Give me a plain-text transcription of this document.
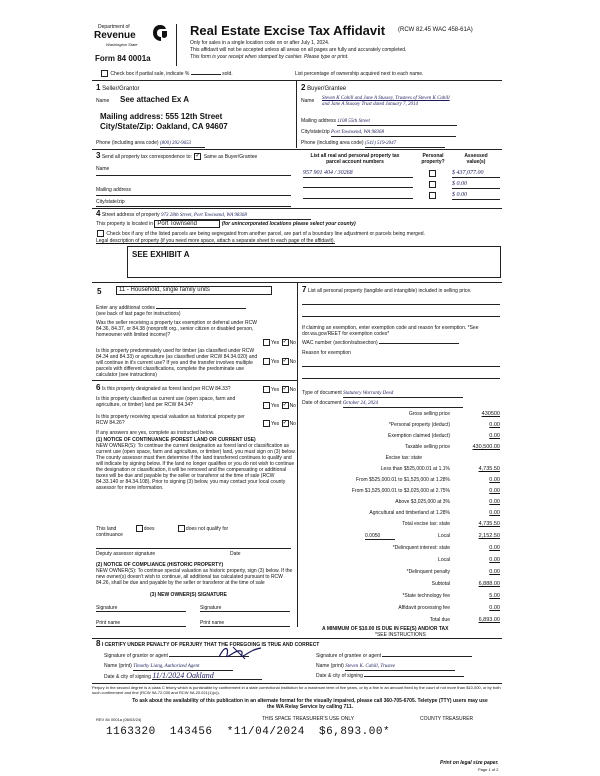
Department of
Revenue
Washington State
Form 84 0001a
Real Estate Excise Tax Affidavit (RCW 82.45 WAC 458-61A)
Only for sales in a single location code on or after July 1, 2024.
This affidavit will not be accepted unless all areas on all pages are fully and accurately completed.
This form is your receipt when stamped by cashier. Please type or print.
Check box if partial sale, indicate %	sold.	List percentage of ownership acquired next to each name.
1 Seller/Grantor
Name See attached Ex A
Mailing address: 555 12th Street
City/State/Zip: Oakland, CA 94607
Phone (including area code) (800) 392-9653
2 Buyer/Grantee
Name Steven K Cahill and Jane A Stussey, Trustees of Steven K Cahill
and Jane A Stussey Trust dated January 7, 2014
Mailing address 1108 55th Street
City/state/zip Port Townsend, WA 98368
Phone (including area code) (541) 519-2047
3 Send all property tax correspondence to: ✓ Same as Buyer/Grantee
Name
Mailing address
City/state/zip
List all real and personal property tax parcel account numbers
Personal property?
Assessed value(s)
957 901 404 / 30268	$ 437,077.00
$ 0.00
$ 0.00
4 Street address of property 973 28th Street, Port Townsend, WA 98368
This property is located in Port Townsend	(for unincorporated locations please select your county)
Check box if any of the listed parcels are being segregated from another parcel, are part of a boundary line adjustment or parcels being merged.
Legal description of property (if you need more space, attach a separate sheet to each page of the affidavit).
SEE EXHIBIT A
5	11 - Household, single family units
Enter any additional codes
(see back of last page for instructions)
Was the seller receiving a property tax exemption or deferral under RCW 84.36, 84.37, or 84.38 (nonprofit org., senior citizen or disabled person, homeowner with limited income)?
Yes ✓ No
Is this property predominately used for timber (as classified under RCW 84.34 and 84.33) or agriculture (as classified under RCW 84.34.020) and will continue in it's current use? If yes and the transfer involves multiple parcels with different classifications, complete the predominate use calculator (see instructions)
Yes ✓ No
6 Is this property designated as forest land per RCW 84.33?	Yes ✓ No
Is this property classified as current use (open space, farm and agriculture, or timber) land per RCW 84.34?	Yes ✓ No
Is this property receiving special valuation as historical property per RCW 84.26?	Yes ✓ No
If any answers are yes, complete as instructed below.
(1) NOTICE OF CONTINUANCE (FOREST LAND OR CURRENT USE)
NEW OWNER(S): To continue the current designation as forest land or classification as current use (open space, farm and agriculture, or timber) land, you must sign on (3) below. The county assessor must then determine if the land transferred continues to qualify and will indicate by signing below. If the land no longer qualifies or you do not wish to continue the designation or classification, it will be removed and the compensating or additional taxes will be due and payable by the seller or transferor at the time of sale (RCW 84.33.140 or 84.34.108). Prior to signing (3) below, you may contact your local county assessor for more information.
This land	does	does not qualify for
continuance
Deputy assessor signature	Date
(2) NOTICE OF COMPLIANCE (HISTORIC PROPERTY)
NEW OWNER(S): To continue special valuation as historic property, sign (3) below. If the new owner(s) doesn't wish to continue, all additional tax calculated pursuant to RCW 84.26, shall be due and payable by the seller or transferor at the time of sale
(3) NEW OWNER(S) SIGNATURE
Signature	Signature
Print name	Print name
7 List all personal property (tangible and intangible) included in selling price.
If claiming an exemption, enter exemption code and reason for exemption. *See dor.wa.gov/REET for exemption codes*
WAC number (section/subsection)
Reason for exemption
Type of document Statutory Warranty Deed
Date of document October 24, 2024
Gross selling price	430500
*Personal property (deduct)	0.00
Exemption claimed (deduct)	0.00
Taxable selling price	430,500.00
Excise tax: state
Less than $525,000.01 at 1.1%	4,735.50
From $525,000.01 to $1,525,000 at 1.28%	0.00
From $1,525,000.01 to $3,025,000 at 2.75%	0.00
Above $3,025,000 at 3%	0.00
Agricultural and timberland at 1.28%	0.00
Total excise tax: state	4,735.50
0.0050	Local	2,152.50
*Delinquent interest: state	0.00
Local	0.00
*Delinquent penalty	0.00
Subtotal	6,888.00
*State technology fee	5.00
Affidavit processing fee	0.00
Total due	6,893.00
A MINIMUM OF $10.00 IS DUE IN FEE(S) AND/OR TAX
*SEE INSTRUCTIONS
8 I CERTIFY UNDER PENALTY OF PERJURY THAT THE FOREGOING IS TRUE AND CORRECT
Signature of grantor or agent
Name (print) Timothy Liang, Authorized Agent
Date & city of signing 11/1/2024 Oakland
Signature of grantee or agent
Name (print) Steven K. Cahill, Trustee
Date & city of signing
Perjury in the second degree is a class C felony which is punishable by confinement in a state correctional institution for a maximum term of five years, or by a fine in an amount fixed by the court of not more than $10,000, or by both such confinement and fine (RCW 9A.72.030 and RCW 9A.20.021(1)(c)).
To ask about the availability of this publication in an alternate format for the visually impaired, please call 360-705-6705. Teletype (TTY) users may use the WA Relay Service by calling 711.
REV 84 0001a (06/03/24)	THIS SPACE TREASURER'S USE ONLY	COUNTY TREASURER
1163320  143456  *11/04/2024  $6,893.00*
Print on legal size paper.
Page 1 of 2
